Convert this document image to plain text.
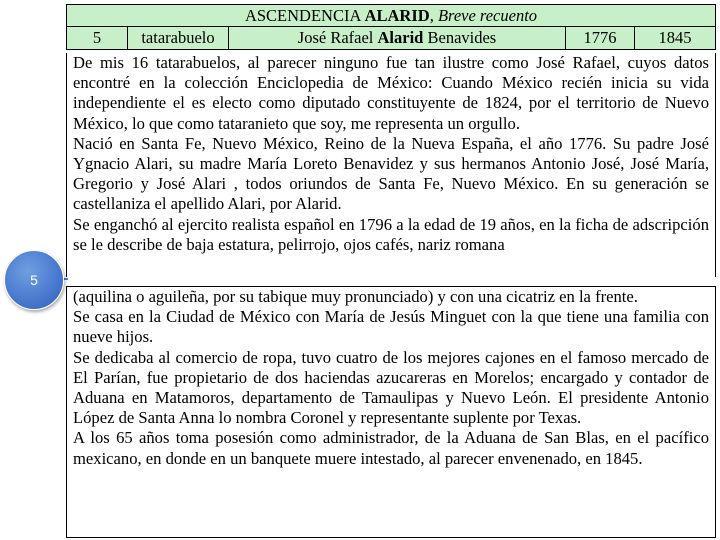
ASCENDENCIA ALARID, Breve recuento
5	tatarabuelo	José Rafael Alarid Benavides	1776	1845

De mis 16 tatarabuelos, al parecer ninguno fue tan ilustre como José Rafael, cuyos datos encontré en la colección Enciclopedia de México: Cuando México recién inicia su vida independiente el es electo como diputado constituyente de 1824, por el territorio de Nuevo México, lo que como tataranieto que soy, me representa un orgullo.

Nació en Santa Fe, Nuevo México, Reino de la Nueva España, el año 1776. Su padre José Ygnacio Alari, su madre María Loreto Benavidez y sus hermanos Antonio José, José María, Gregorio y José Alari , todos oriundos de Santa Fe, Nuevo México. En su generación se castellaniza el apellido Alari, por Alarid.

Se enganchó al ejercito realista español en 1796 a la edad de 19 años, en la ficha de adscripción se le describe de baja estatura, pelirrojo, ojos cafés, nariz romana

5

(aquilina o aguileña, por su tabique muy pronunciado) y con una cicatriz en la frente.

Se casa en la Ciudad de México con María de Jesús Minguet con la que tiene una familia con nueve hijos.

Se dedicaba al comercio de ropa, tuvo cuatro de los mejores cajones en el famoso mercado de El Parían, fue propietario de dos haciendas azucareras en Morelos; encargado y contador de Aduana en Matamoros, departamento de Tamaulipas y Nuevo León. El presidente Antonio López de Santa Anna lo nombra Coronel y representante suplente por Texas.

A los 65 años toma posesión como administrador, de la Aduana de San Blas, en el pacífico mexicano, en donde en un banquete muere intestado, al parecer envenenado, en 1845.
